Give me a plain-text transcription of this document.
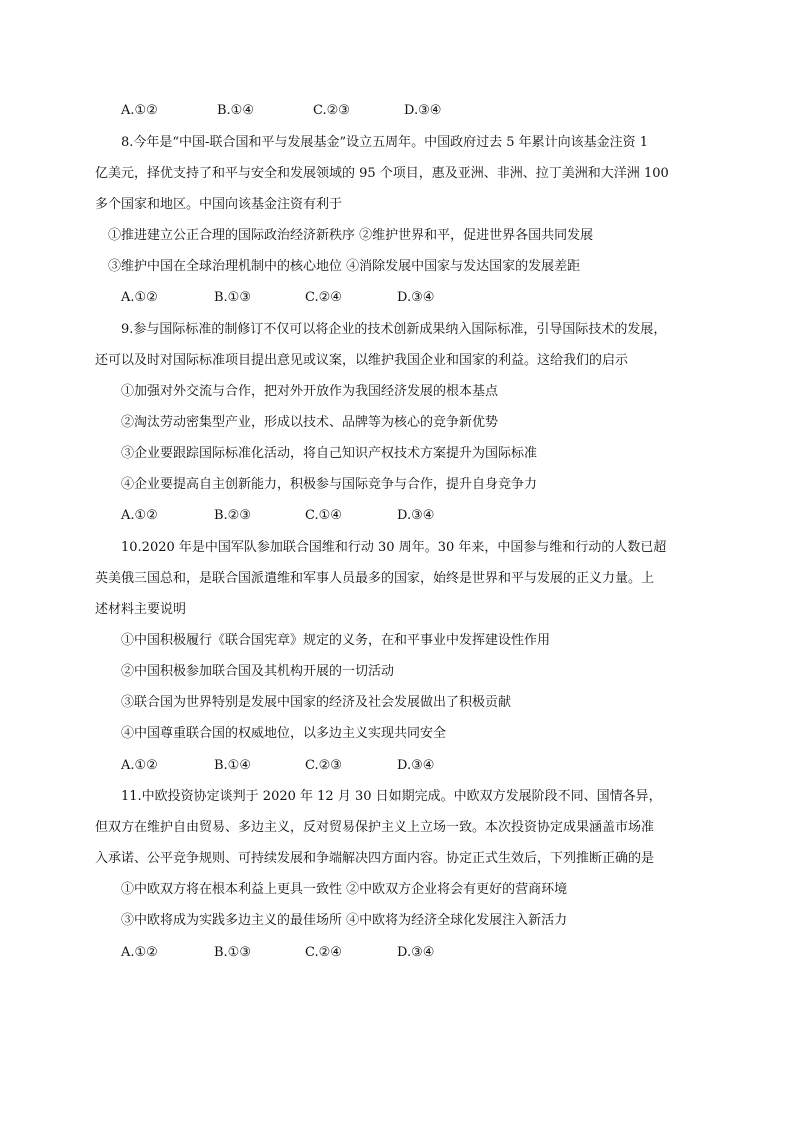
A.①②	B.①④	C.②③	D.③④
8.今年是“中国-联合国和平与发展基金”设立五周年。中国政府过去 5 年累计向该基金注资 1
亿美元，择优支持了和平与安全和发展领域的 95 个项目，惠及亚洲、非洲、拉丁美洲和大洋洲 100
多个国家和地区。中国向该基金注资有利于
①推进建立公正合理的国际政治经济新秩序 ②维护世界和平，促进世界各国共同发展
③维护中国在全球治理机制中的核心地位 ④消除发展中国家与发达国家的发展差距
A.①②	B.①③	C.②④	D.③④
9.参与国际标准的制修订不仅可以将企业的技术创新成果纳入国际标准，引导国际技术的发展，
还可以及时对国际标准项目提出意见或议案，以维护我国企业和国家的利益。这给我们的启示
①加强对外交流与合作，把对外开放作为我国经济发展的根本基点
②淘汰劳动密集型产业，形成以技术、品牌等为核心的竞争新优势
③企业要跟踪国际标准化活动，将自己知识产权技术方案提升为国际标准
④企业要提高自主创新能力，积极参与国际竞争与合作，提升自身竞争力
A.①②	B.②③	C.①④	D.③④
10.2020 年是中国军队参加联合国维和行动 30 周年。30 年来，中国参与维和行动的人数已超
英美俄三国总和，是联合国派遣维和军事人员最多的国家，始终是世界和平与发展的正义力量。上
述材料主要说明
①中国积极履行《联合国宪章》规定的义务，在和平事业中发挥建设性作用
②中国积极参加联合国及其机构开展的一切活动
③联合国为世界特别是发展中国家的经济及社会发展做出了积极贡献
④中国尊重联合国的权威地位，以多边主义实现共同安全
A.①②	B.①④	C.②③	D.③④
11.中欧投资协定谈判于 2020 年 12 月 30 日如期完成。中欧双方发展阶段不同、国情各异，
但双方在维护自由贸易、多边主义，反对贸易保护主义上立场一致。本次投资协定成果涵盖市场准
入承诺、公平竞争规则、可持续发展和争端解决四方面内容。协定正式生效后，下列推断正确的是
①中欧双方将在根本利益上更具一致性 ②中欧双方企业将会有更好的营商环境
③中欧将成为实践多边主义的最佳场所 ④中欧将为经济全球化发展注入新活力
A.①②	B.①③	C.②④	D.③④
